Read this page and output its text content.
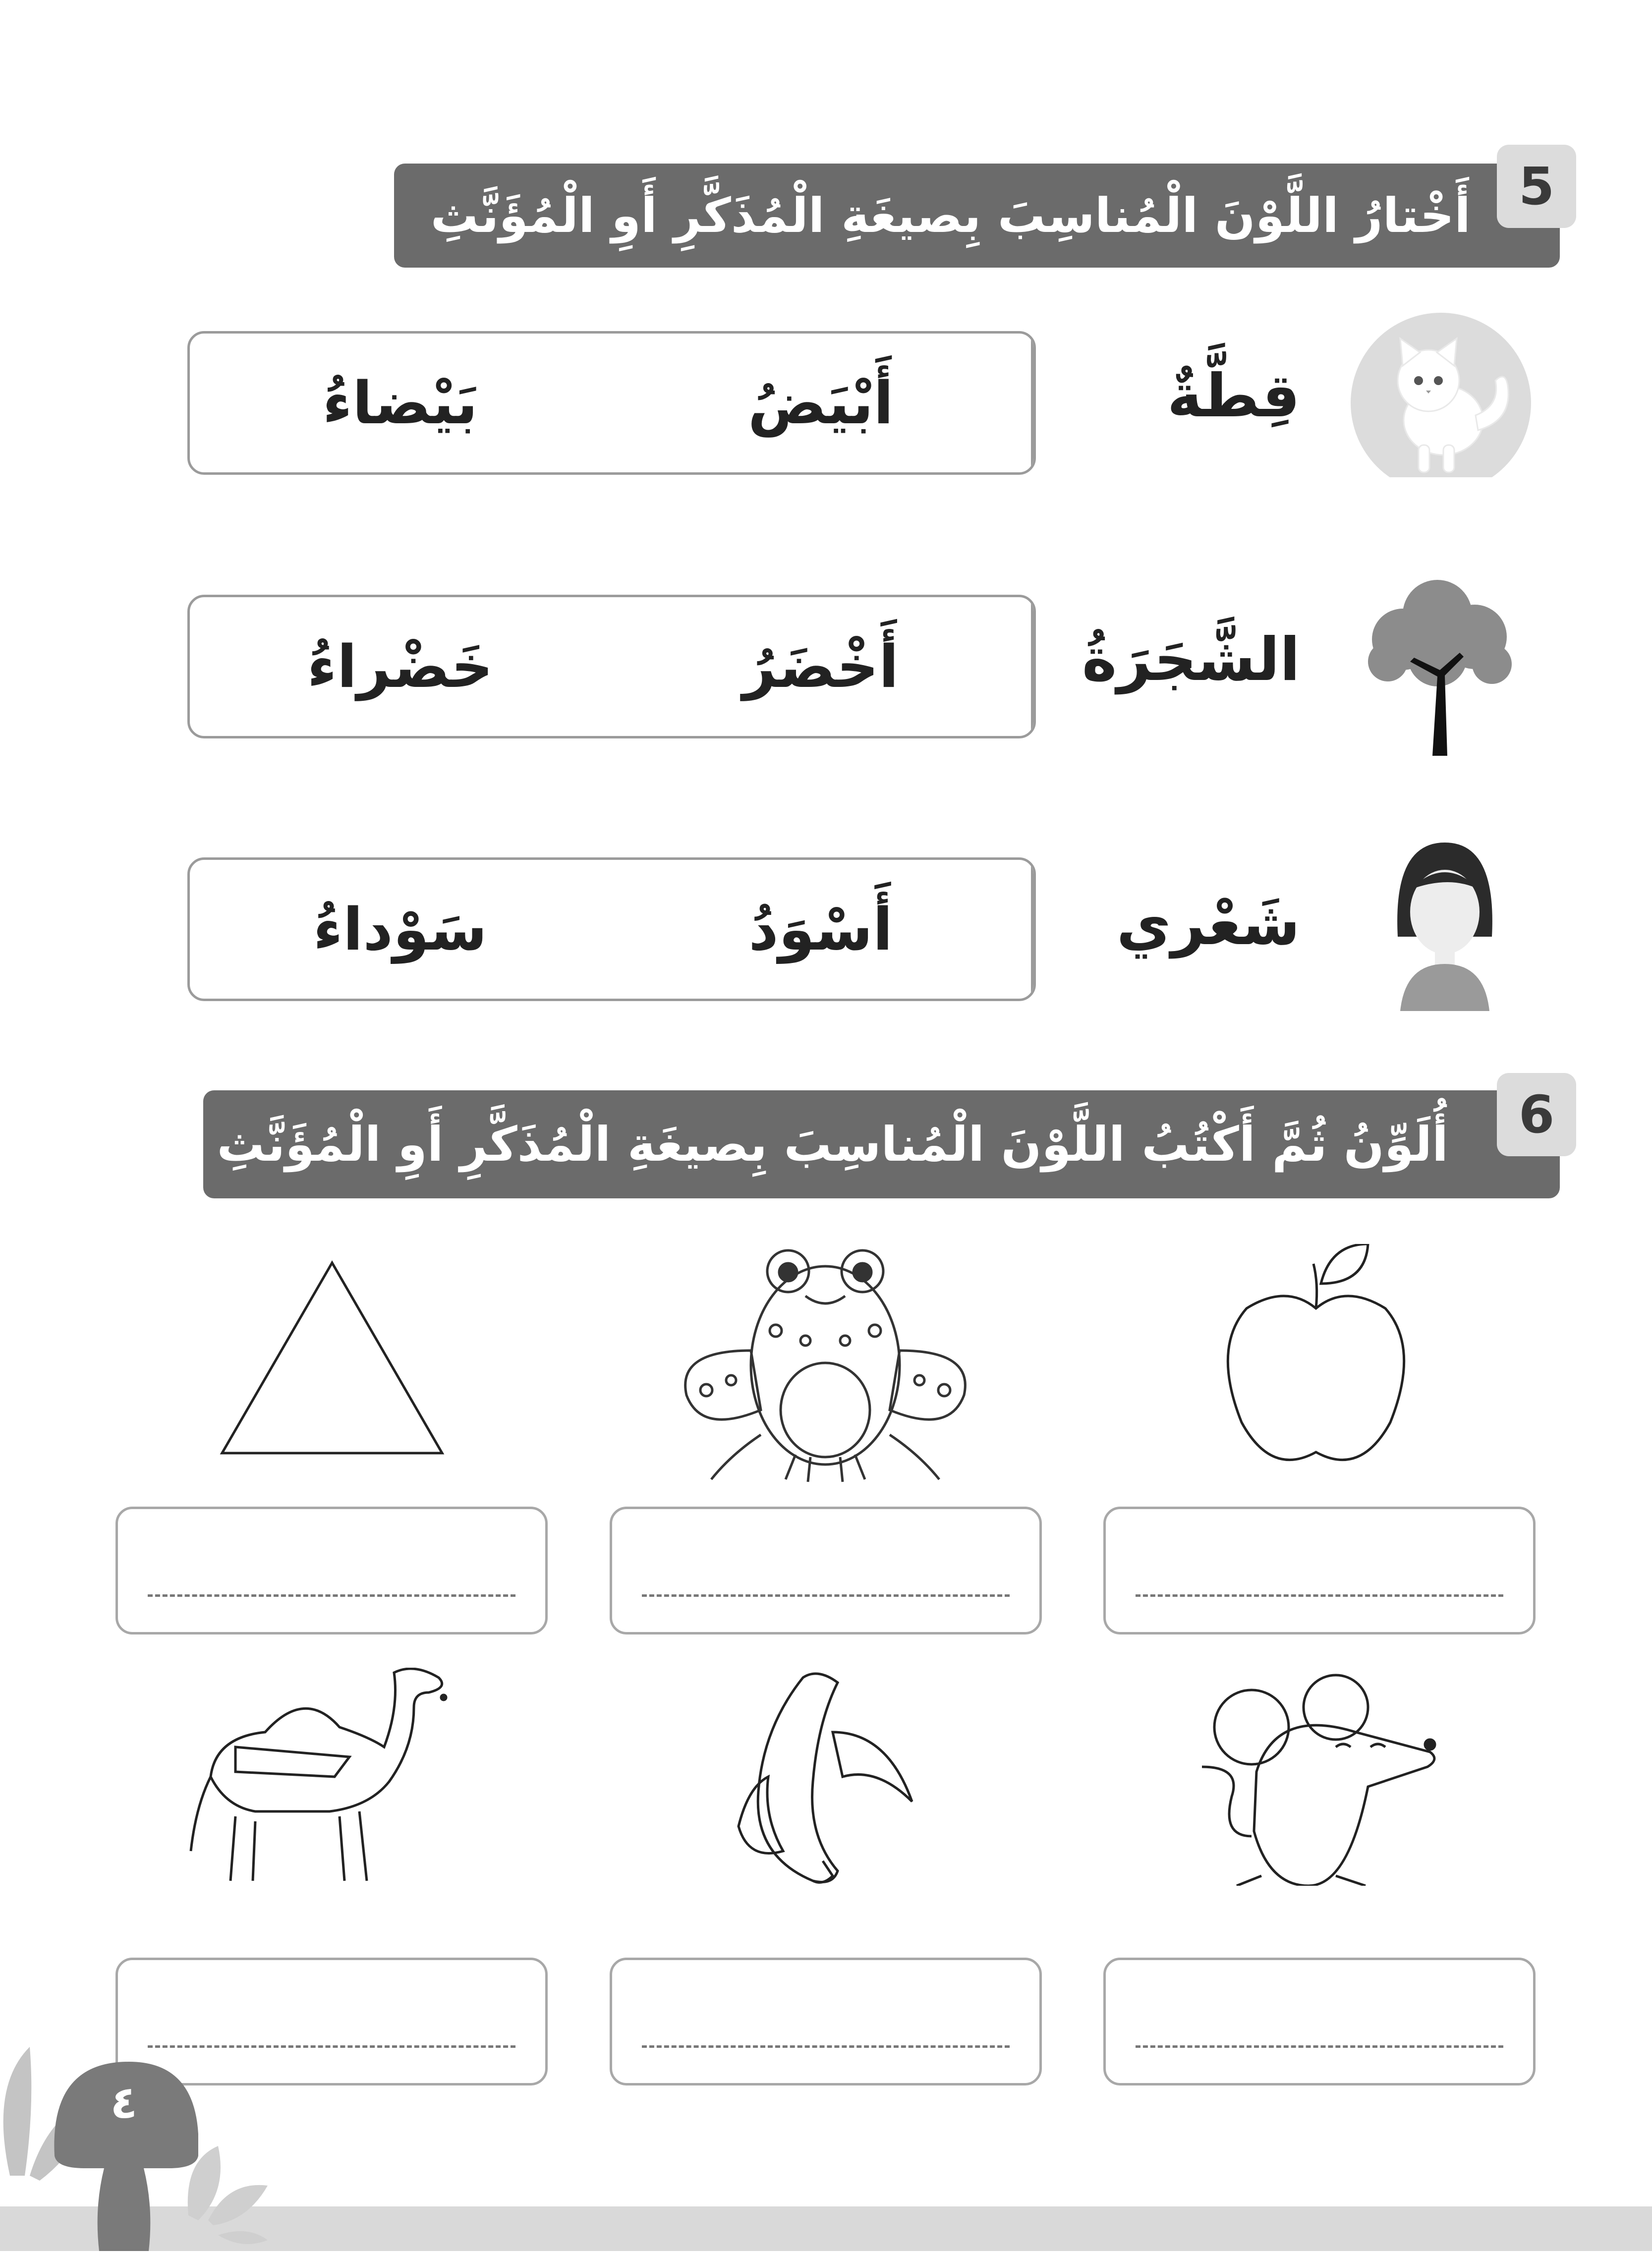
أَخْتارُ اللَّوْنَ الْمُناسِبَ بِصيغَةِ الْمُذَكَّرِ أَوِ الْمُؤَنَّثِ 5
قِطَّةٌ
بَيْضاءُ	أَبْيَضُ
الشَّجَرَةُ
خَضْراءُ	أَخْضَرُ
شَعْري
سَوْداءُ	أَسْوَدُ
أُلَوِّنُ ثُمَّ أَكْتُبُ اللَّوْنَ الْمُناسِبَ بِصيغَةِ الْمُذَكَّرِ أَوِ الْمُؤَنَّثِ	6
٤
